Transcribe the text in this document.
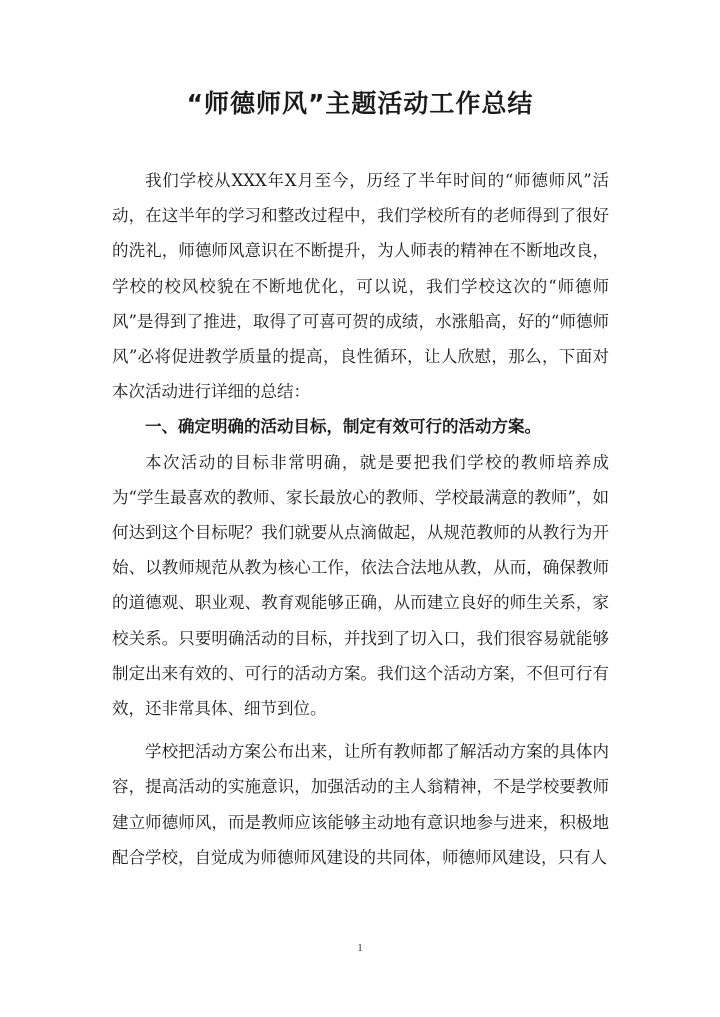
“师德师风”主题活动工作总结

我们学校从XXX年X月至今，历经了半年时间的“师德师风”活动，在这半年的学习和整改过程中，我们学校所有的老师得到了很好的洗礼，师德师风意识在不断提升，为人师表的精神在不断地改良，学校的校风校貌在不断地优化，可以说，我们学校这次的“师德师风”是得到了推进，取得了可喜可贺的成绩，水涨船高，好的“师德师风”必将促进教学质量的提高，良性循环，让人欣慰，那么，下面对本次活动进行详细的总结：

一、确定明确的活动目标，制定有效可行的活动方案。

本次活动的目标非常明确，就是要把我们学校的教师培养成为“学生最喜欢的教师、家长最放心的教师、学校最满意的教师”，如何达到这个目标呢？我们就要从点滴做起，从规范教师的从教行为开始、以教师规范从教为核心工作，依法合法地从教，从而，确保教师的道德观、职业观、教育观能够正确，从而建立良好的师生关系，家校关系。只要明确活动的目标，并找到了切入口，我们很容易就能够制定出来有效的、可行的活动方案。我们这个活动方案，不但可行有效，还非常具体、细节到位。

学校把活动方案公布出来，让所有教师都了解活动方案的具体内容，提高活动的实施意识，加强活动的主人翁精神，不是学校要教师建立师德师风，而是教师应该能够主动地有意识地参与进来，积极地配合学校，自觉成为师德师风建设的共同体，师德师风建设，只有人

1
